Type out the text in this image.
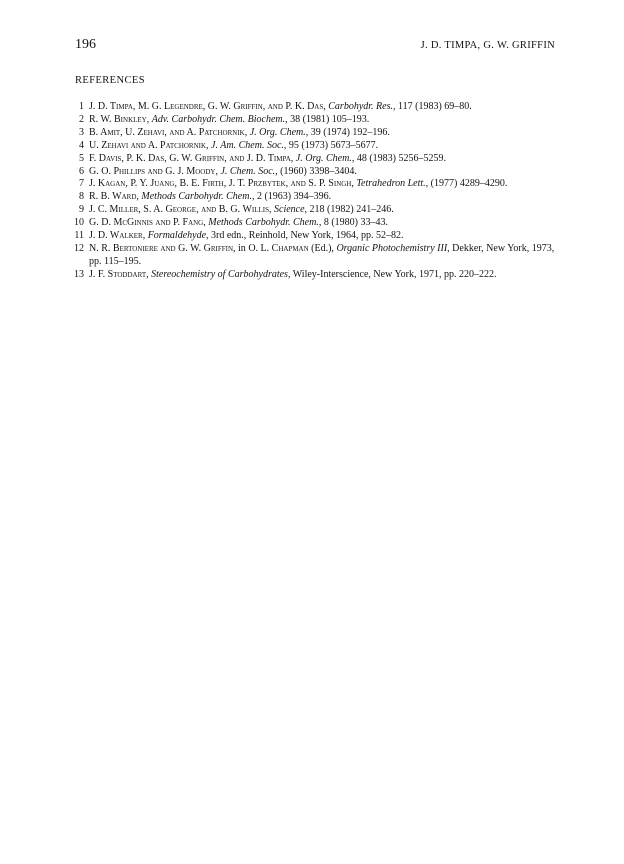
196	J. D. TIMPA, G. W. GRIFFIN
REFERENCES
1 J. D. Timpa, M. G. Legendre, G. W. Griffin, and P. K. Das, Carbohydr. Res., 117 (1983) 69–80.
2 R. W. Binkley, Adv. Carbohydr. Chem. Biochem., 38 (1981) 105–193.
3 B. Amit, U. Zehavi, and A. Patchornik, J. Org. Chem., 39 (1974) 192–196.
4 U. Zehavi and A. Patchornik, J. Am. Chem. Soc., 95 (1973) 5673–5677.
5 F. Davis, P. K. Das, G. W. Griffin, and J. D. Timpa, J. Org. Chem., 48 (1983) 5256–5259.
6 G. O. Phillips and G. J. Moody, J. Chem. Soc., (1960) 3398–3404.
7 J. Kagan, P. Y. Juang, B. E. Firth, J. T. Przbytek, and S. P. Singh, Tetrahedron Lett., (1977) 4289–4290.
8 R. B. Ward, Methods Carbohydr. Chem., 2 (1963) 394–396.
9 J. C. Miller, S. A. George, and B. G. Willis, Science, 218 (1982) 241–246.
10 G. D. McGinnis and P. Fang, Methods Carbohydr. Chem., 8 (1980) 33–43.
11 J. D. Walker, Formaldehyde, 3rd edn., Reinhold, New York, 1964, pp. 52–82.
12 N. R. Bertoniere and G. W. Griffin, in O. L. Chapman (Ed.), Organic Photochemistry III, Dekker, New York, 1973, pp. 115–195.
13 J. F. Stoddart, Stereochemistry of Carbohydrates, Wiley-Interscience, New York, 1971, pp. 220–222.
